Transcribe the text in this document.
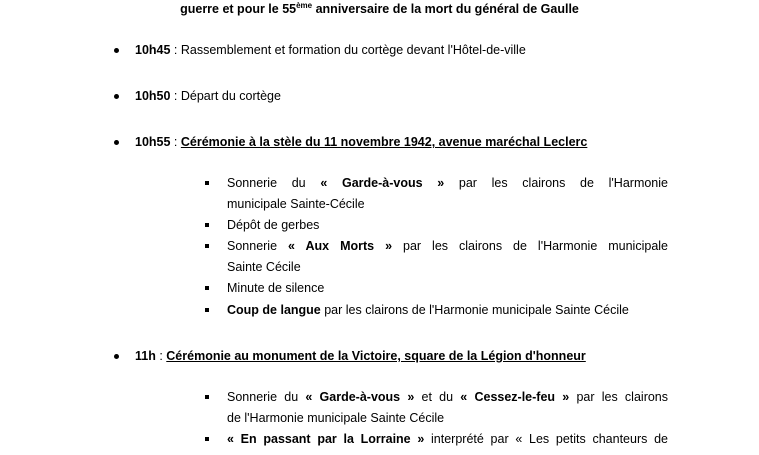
guerre et pour le 55ème anniversaire de la mort du général de Gaulle
10h45 : Rassemblement et formation du cortège devant l'Hôtel-de-ville
10h50 : Départ du cortège
10h55 : Cérémonie à la stèle du 11 novembre 1942, avenue maréchal Leclerc
Sonnerie du « Garde-à-vous » par les clairons de l'Harmonie
municipale Sainte-Cécile
Dépôt de gerbes
Sonnerie « Aux Morts » par les clairons de l'Harmonie municipale
Sainte Cécile
Minute de silence
Coup de langue par les clairons de l'Harmonie municipale Sainte Cécile
11h : Cérémonie au monument de la Victoire, square de la Légion d'honneur
Sonnerie du « Garde-à-vous » et du « Cessez-le-feu » par les clairons
de l'Harmonie municipale Sainte Cécile
« En passant par la Lorraine » interprété par « Les petits chanteurs de
